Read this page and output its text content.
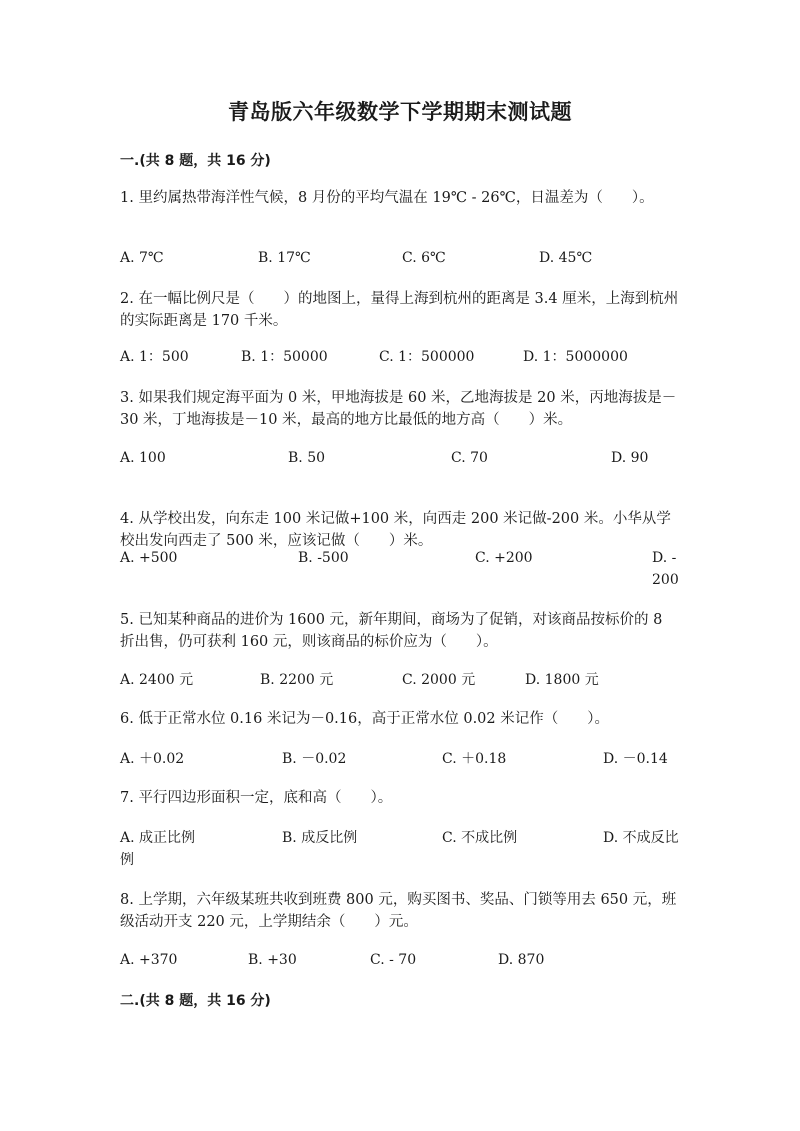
青岛版六年级数学下学期期末测试题
一.(共 8 题，共 16 分)
1. 里约属热带海洋性气候，8 月份的平均气温在 19℃ - 26℃，日温差为（　　）。
A. 7℃	B. 17℃	C. 6℃	D. 45℃
2. 在一幅比例尺是（　　）的地图上，量得上海到杭州的距离是 3.4 厘米，上海到杭州的实际距离是 170 千米。
A. 1：500	B. 1：50000	C. 1：500000	D. 1：5000000
3. 如果我们规定海平面为 0 米，甲地海拔是 60 米，乙地海拔是 20 米，丙地海拔是－30 米，丁地海拔是－10 米，最高的地方比最低的地方高（　　）米。
A. 100	B. 50	C. 70	D. 90
4. 从学校出发，向东走 100 米记做+100 米，向西走 200 米记做-200 米。小华从学校出发向西走了 500 米，应该记做（　　）米。
A. +500	B. -500	C. +200	D. -200
5. 已知某种商品的进价为 1600 元，新年期间，商场为了促销，对该商品按标价的 8 折出售，仍可获利 160 元，则该商品的标价应为（　　）。
A. 2400 元	B. 2200 元	C. 2000 元	D. 1800 元
6. 低于正常水位 0.16 米记为－0.16，高于正常水位 0.02 米记作（　　）。
A. ＋0.02	B. －0.02	C. ＋0.18	D. －0.14
7. 平行四边形面积一定，底和高（　　）。
A. 成正比例	B. 成反比例	C. 不成比例	D. 不成反比例
8. 上学期，六年级某班共收到班费 800 元，购买图书、奖品、门锁等用去 650 元，班级活动开支 220 元，上学期结余（　　）元。
A. +370	B. +30	C. - 70	D. 870
二.(共 8 题，共 16 分)
